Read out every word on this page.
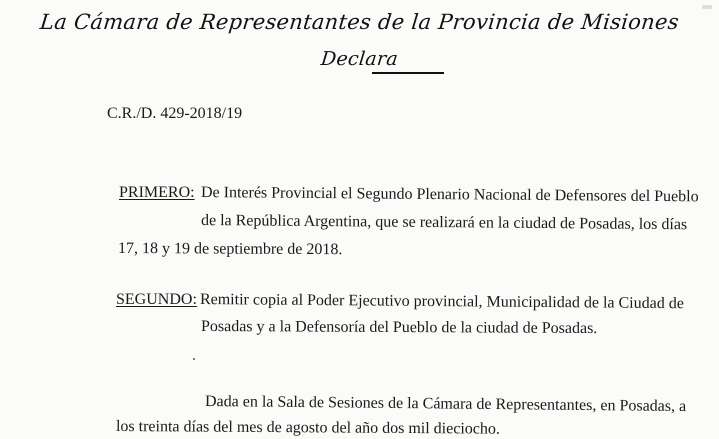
La Cámara de Representantes de la Provincia de Misiones
Declara
C.R./D. 429-2018/19
PRIMERO: De Interés Provincial el Segundo Plenario Nacional de Defensores del Pueblo
de la República Argentina, que se realizará en la ciudad de Posadas, los días
17, 18 y 19 de septiembre de 2018.
SEGUNDO: Remitir copia al Poder Ejecutivo provincial, Municipalidad de la Ciudad de
Posadas y a la Defensoría del Pueblo de la ciudad de Posadas.
Dada en la Sala de Sesiones de la Cámara de Representantes, en Posadas, a
los treinta días del mes de agosto del año dos mil dieciocho.
